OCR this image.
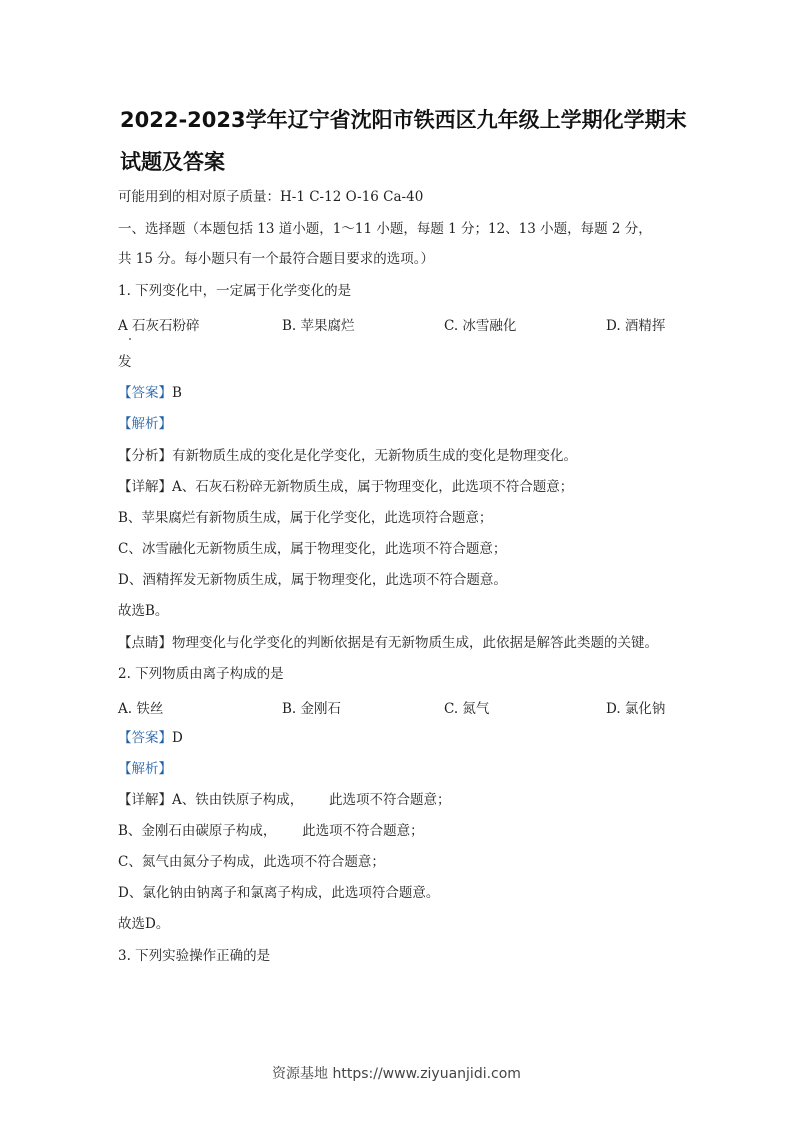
2022-2023学年辽宁省沈阳市铁西区九年级上学期化学期末
试题及答案
可能用到的相对原子质量：H-1 C-12 O-16 Ca-40
一、选择题（本题包括 13 道小题，1～11 小题，每题 1 分；12、13 小题，每题 2 分，
共 15 分。每小题只有一个最符合题目要求的选项。）
1. 下列变化中，一定属于化学变化的是
A 石灰石粉碎	B. 苹果腐烂	C. 冰雪融化	D. 酒精挥
发
【答案】B
【解析】
【分析】有新物质生成的变化是化学变化，无新物质生成的变化是物理变化。
【详解】A、石灰石粉碎无新物质生成，属于物理变化，此选项不符合题意；
B、苹果腐烂有新物质生成，属于化学变化，此选项符合题意；
C、冰雪融化无新物质生成，属于物理变化，此选项不符合题意；
D、酒精挥发无新物质生成，属于物理变化，此选项不符合题意。
故选B。
【点睛】物理变化与化学变化的判断依据是有无新物质生成，此依据是解答此类题的关键。
2. 下列物质由离子构成的是
A. 铁丝	B. 金刚石	C. 氮气	D. 氯化钠
【答案】D
【解析】
【详解】A、铁由铁原子构成，      此选项不符合题意；
B、金刚石由碳原子构成，      此选项不符合题意；
C、氮气由氮分子构成，此选项不符合题意；
D、氯化钠由钠离子和氯离子构成，此选项符合题意。
故选D。
3. 下列实验操作正确的是
资源基地 https://www.ziyuanjidi.com
